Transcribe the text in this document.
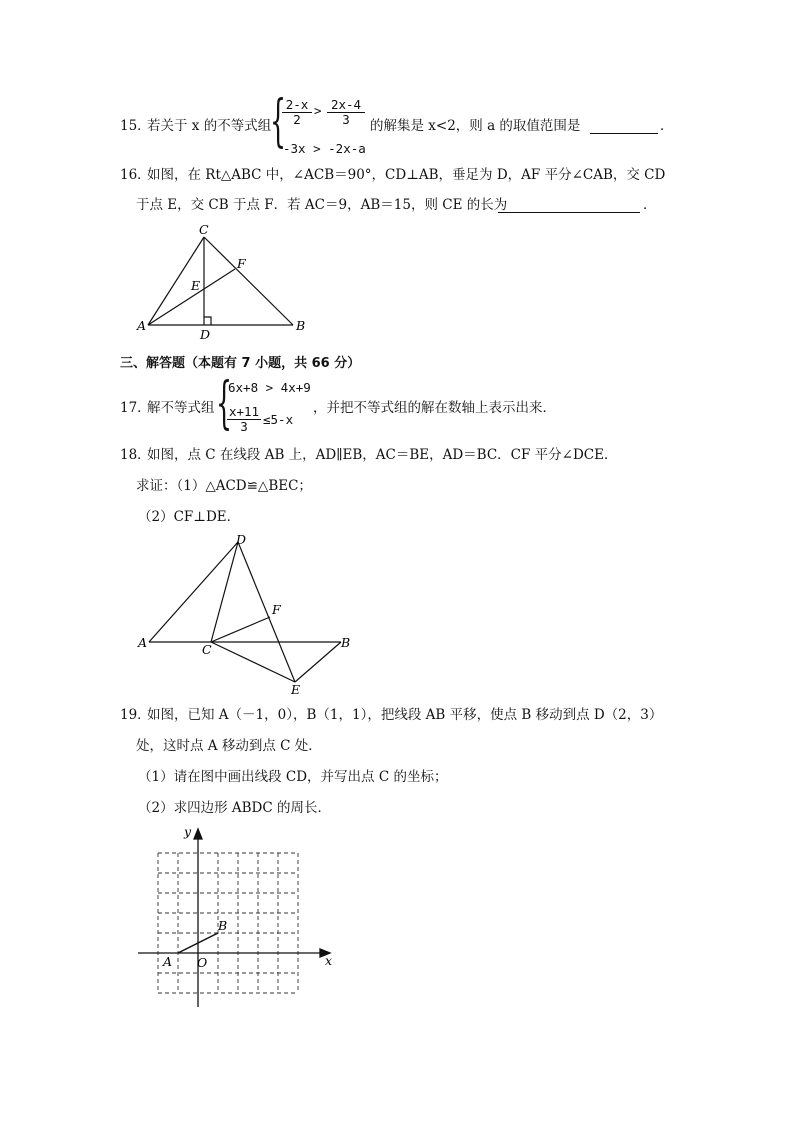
15．
若关于 x 的不等式组
{
$\frac{2-x}{2} > \frac{2x-4}{3}$
-3x > -2x-a
的解集是 x<2，则 a 的取值范围是	．
16．
如图，在 Rt△ABC 中，∠ACB＝90°，CD⊥AB，垂足为 D，AF 平分∠CAB，交 CD
于点 E，交 CB 于点 F．若 AC＝9，AB＝15，则 CE 的长为	．
C
F
E
A
D
B
三、解答题（本题有 7 小题，共 66 分）
17．
解不等式组 {
6x+8 > 4x+9
$\frac{x+11}{3} \le 5-x$
，并把不等式组的解在数轴上表示出来．
18．
如图，点 C 在线段 AB 上，AD∥EB，AC＝BE，AD＝BC．CF 平分∠DCE．
求证：（1）△ACD≌△BEC；
（2）CF⊥DE．
D
F
A	C	B
E
19．
如图，已知 A（－1，0），B（1，1），把线段 AB 平移，使点 B 移动到点 D（2，3）
处，这时点 A 移动到点 C 处．
（1）请在图中画出线段 CD，并写出点 C 的坐标；
（2）求四边形 ABDC 的周长．
y
x
A O
B
